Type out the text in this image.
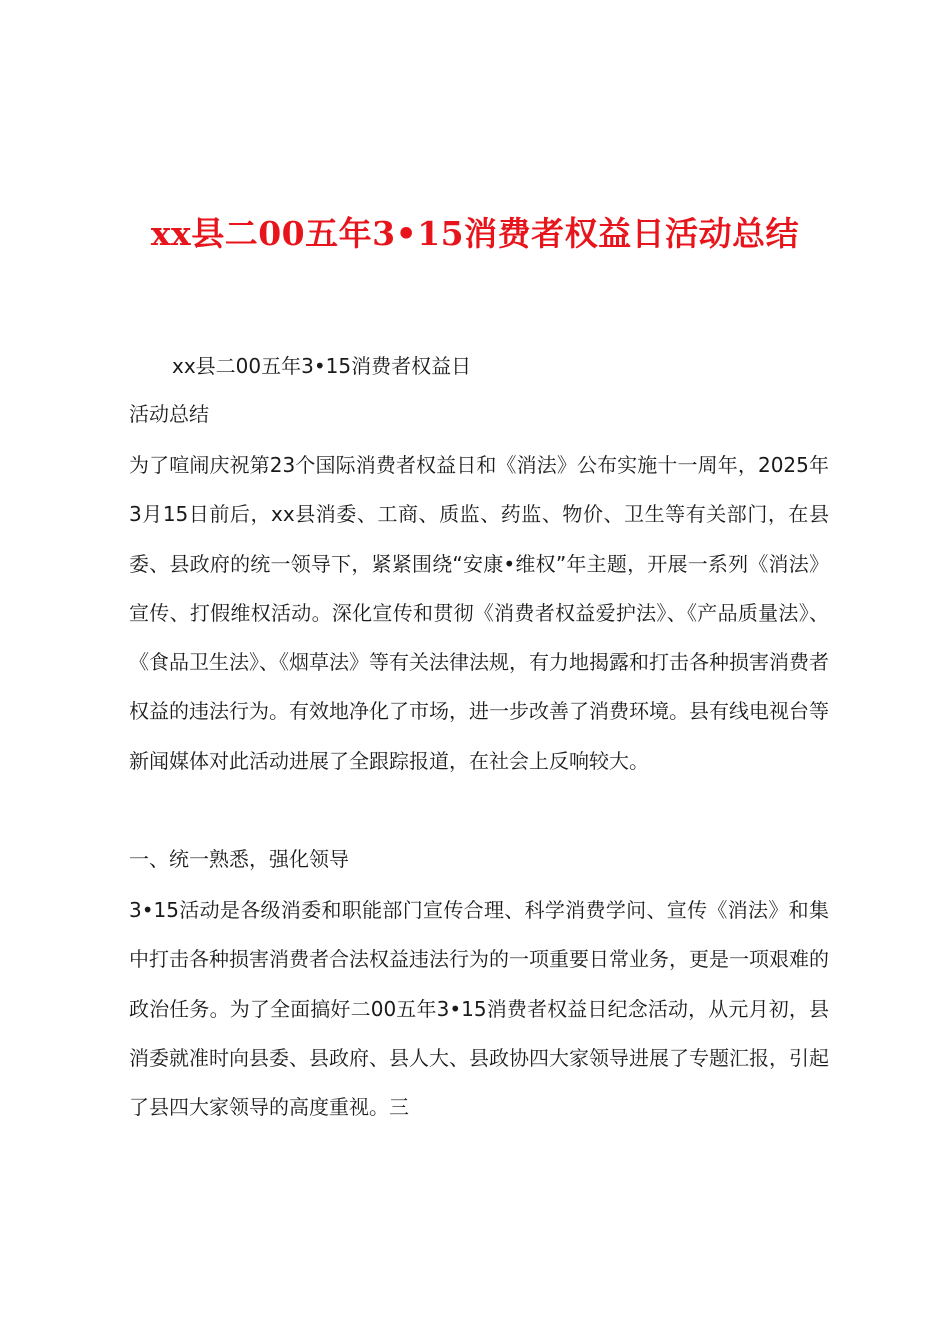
xx县二00五年3•15消费者权益日活动总结
xx县二00五年3•15消费者权益日
活动总结
为了喧闹庆祝第23个国际消费者权益日和《消法》公布实施十一周年，2025年3月15日前后，xx县消委、工商、质监、药监、物价、卫生等有关部门，在县委、县政府的统一领导下，紧紧围绕“安康•维权”年主题，开展一系列《消法》宣传、打假维权活动。深化宣传和贯彻《消费者权益爱护法》、《产品质量法》、《食品卫生法》、《烟草法》等有关法律法规，有力地揭露和打击各种损害消费者权益的违法行为。有效地净化了市场，进一步改善了消费环境。县有线电视台等新闻媒体对此活动进展了全跟踪报道，在社会上反响较大。
一、统一熟悉，强化领导
3•15活动是各级消委和职能部门宣传合理、科学消费学问、宣传《消法》和集中打击各种损害消费者合法权益违法行为的一项重要日常业务，更是一项艰难的政治任务。为了全面搞好二00五年3•15消费者权益日纪念活动，从元月初，县消委就准时向县委、县政府、县人大、县政协四大家领导进展了专题汇报，引起了县四大家领导的高度重视。三
